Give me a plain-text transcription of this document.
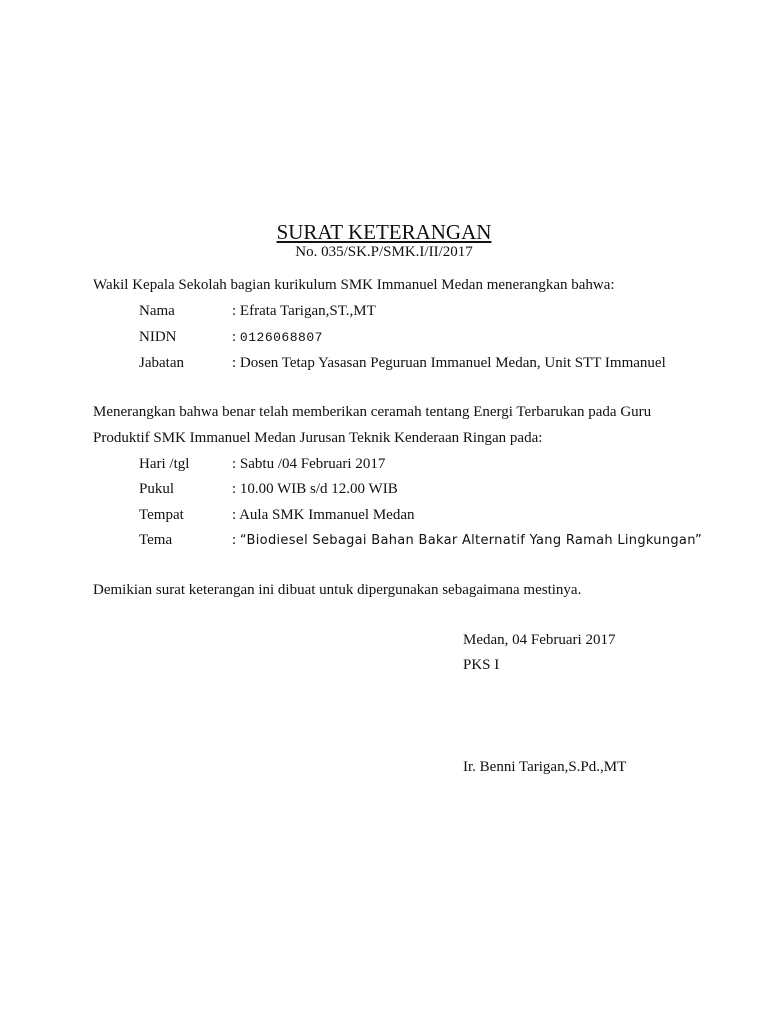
SURAT KETERANGAN
No. 035/SK.P/SMK.I/II/2017
Wakil Kepala Sekolah bagian kurikulum SMK Immanuel Medan menerangkan bahwa:
Nama	: Efrata Tarigan,ST.,MT
NIDN	: 0126068807
Jabatan	: Dosen Tetap Yasasan Peguruan Immanuel Medan, Unit STT Immanuel
Menerangkan bahwa benar telah memberikan ceramah tentang Energi Terbarukan pada Guru
Produktif SMK Immanuel Medan Jurusan Teknik Kenderaan Ringan pada:
Hari /tgl	: Sabtu /04 Februari 2017
Pukul	: 10.00 WIB s/d 12.00 WIB
Tempat	: Aula SMK Immanuel Medan
Tema	: “Biodiesel Sebagai Bahan Bakar Alternatif Yang Ramah Lingkungan”
Demikian surat keterangan ini dibuat untuk dipergunakan sebagaimana mestinya.
Medan, 04 Februari 2017
PKS I
Ir. Benni Tarigan,S.Pd.,MT
